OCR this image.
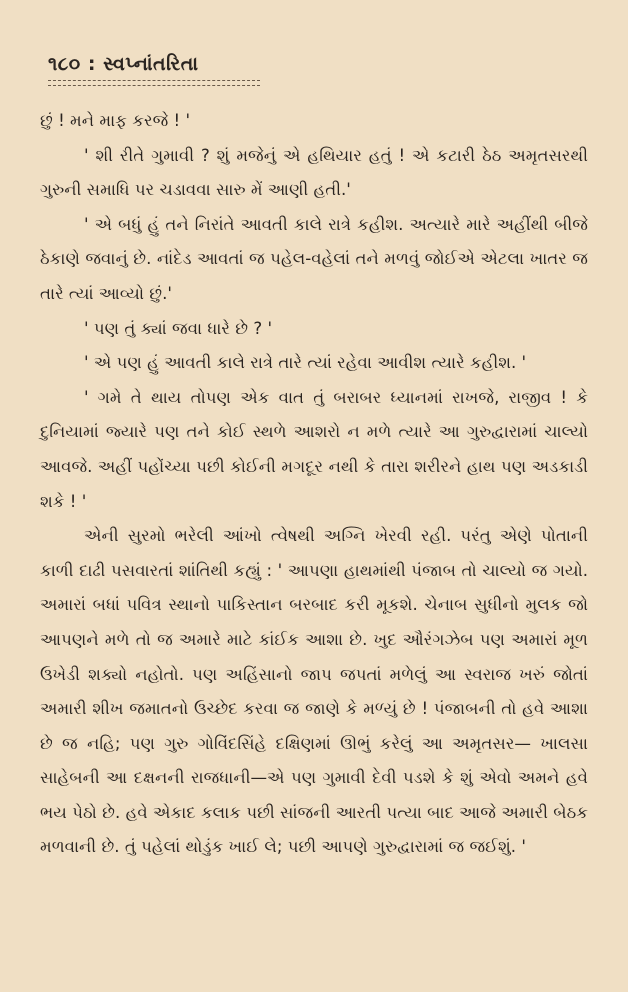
૧૮૦ : સ્વપ્નાંતરિતા

છું ! મને માફ કરજે ! '

' શી રીતે ગુમાવી ? શું મજેનું એ હથિયાર હતું ! એ કટારી ઠેઠ અમૃતસરથી ગુરુની સમાધિ પર ચડાવવા સારુ મેં આણી હતી.'

' એ બધું હું તને નિરાંતે આવતી કાલે રાત્રે કહીશ. અત્યારે મારે અહીંથી બીજે ઠેકાણે જવાનું છે. નાંદેડ આવતાં જ પહેલ-વહેલાં તને મળવું જોઈએ એટલા ખાતર જ તારે ત્યાં આવ્યો છું.'

' પણ તું ક્યાં જવા ધારે છે ? '

' એ પણ હું આવતી કાલે રાત્રે તારે ત્યાં રહેવા આવીશ ત્યારે કહીશ. '

' ગમે તે થાય તોપણ એક વાત તું બરાબર ધ્યાનમાં રાખજે, રાજીવ ! કે દુનિયામાં જ્યારે પણ તને કોઈ સ્થળે આશરો ન મળે ત્યારે આ ગુરુદ્વારામાં ચાલ્યો આવજે. અહીં પહોંચ્યા પછી કોઈની મગદૂર નથી કે તારા શરીરને હાથ પણ અડકાડી શકે ! '

એની સુરમો ભરેલી આંખો ત્વેષથી અગ્નિ ખેરવી રહી. પરંતુ એણે પોતાની કાળી દાઢી પસવારતાં શાંતિથી કહ્યું : ' આપણા હાથમાંથી પંજાબ તો ચાલ્યો જ ગયો. અમારાં બધાં પવિત્ર સ્થાનો પાકિસ્તાન બરબાદ કરી મૂકશે. ચેનાબ સુધીનો મુલક જો આપણને મળે તો જ અમારે માટે કાંઈક આશા છે. ખુદ ઔરંગઝેબ પણ અમારાં મૂળ ઉખેડી શક્યો નહોતો. પણ અહિંસાનો જાપ જપતાં મળેલું આ સ્વરાજ ખરું જોતાં અમારી શીખ જમાતનો ઉચ્છેદ કરવા જ જાણે કે મળ્યું છે ! પંજાબની તો હવે આશા છે જ નહિ; પણ ગુરુ ગોવિંદસિંહે દક્ષિણમાં ઊભું કરેલું આ અમૃતસર— ખાલસા સાહેબની આ દક્ષનની રાજધાની—એ પણ ગુમાવી દેવી પડશે કે શું એવો અમને હવે ભય પેઠો છે. હવે એકાદ કલાક પછી સાંજની આરતી પત્યા બાદ આજે અમારી બેઠક મળવાની છે. તું પહેલાં થોડુંક ખાઈ લે; પછી આપણે ગુરુદ્વારામાં જ જઈશું. '
